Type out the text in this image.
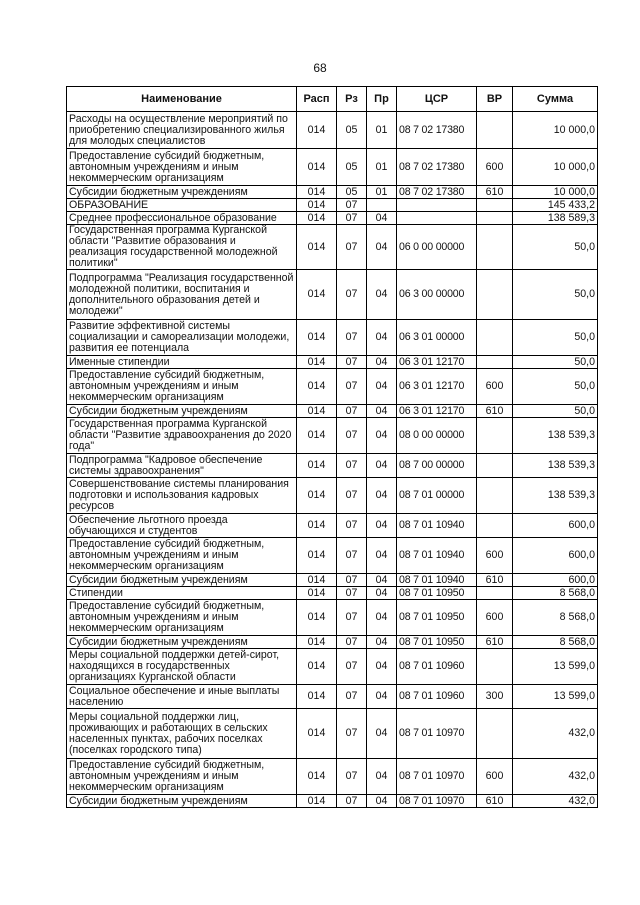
68
Наименование	Расп	Рз	Пр	ЦСР	ВР	Сумма
Расходы на осуществление мероприятий по приобретению специализированного жилья для молодых специалистов	014	05	01	08 7 02 17380		10 000,0
Предоставление субсидий бюджетным, автономным учреждениям и иным некоммерческим организациям	014	05	01	08 7 02 17380	600	10 000,0
Субсидии бюджетным учреждениям	014	05	01	08 7 02 17380	610	10 000,0
ОБРАЗОВАНИЕ	014	07				145 433,2
Среднее профессиональное образование	014	07	04			138 589,3
Государственная программа Курганской области "Развитие образования и реализация государственной молодежной политики"	014	07	04	06 0 00 00000		50,0
Подпрограмма "Реализация государственной молодежной политики, воспитания и дополнительного образования детей и молодежи"	014	07	04	06 3 00 00000		50,0
Развитие эффективной системы социализации и самореализации молодежи, развития ее потенциала	014	07	04	06 3 01 00000		50,0
Именные стипендии	014	07	04	06 3 01 12170		50,0
Предоставление субсидий бюджетным, автономным учреждениям и иным некоммерческим организациям	014	07	04	06 3 01 12170	600	50,0
Субсидии бюджетным учреждениям	014	07	04	06 3 01 12170	610	50,0
Государственная программа Курганской области "Развитие здравоохранения до 2020 года"	014	07	04	08 0 00 00000		138 539,3
Подпрограмма "Кадровое обеспечение системы здравоохранения"	014	07	04	08 7 00 00000		138 539,3
Совершенствование системы планирования подготовки и использования кадровых ресурсов	014	07	04	08 7 01 00000		138 539,3
Обеспечение льготного проезда обучающихся и студентов	014	07	04	08 7 01 10940		600,0
Предоставление субсидий бюджетным, автономным учреждениям и иным некоммерческим организациям	014	07	04	08 7 01 10940	600	600,0
Субсидии бюджетным учреждениям	014	07	04	08 7 01 10940	610	600,0
Стипендии	014	07	04	08 7 01 10950		8 568,0
Предоставление субсидий бюджетным, автономным учреждениям и иным некоммерческим организациям	014	07	04	08 7 01 10950	600	8 568,0
Субсидии бюджетным учреждениям	014	07	04	08 7 01 10950	610	8 568,0
Меры социальной поддержки детей-сирот, находящихся в государственных организациях Курганской области	014	07	04	08 7 01 10960		13 599,0
Социальное обеспечение и иные выплаты населению	014	07	04	08 7 01 10960	300	13 599,0
Меры социальной поддержки лиц, проживающих и работающих в сельских населенных пунктах, рабочих поселках (поселках городского типа)	014	07	04	08 7 01 10970		432,0
Предоставление субсидий бюджетным, автономным учреждениям и иным некоммерческим организациям	014	07	04	08 7 01 10970	600	432,0
Субсидии бюджетным учреждениям	014	07	04	08 7 01 10970	610	432,0
